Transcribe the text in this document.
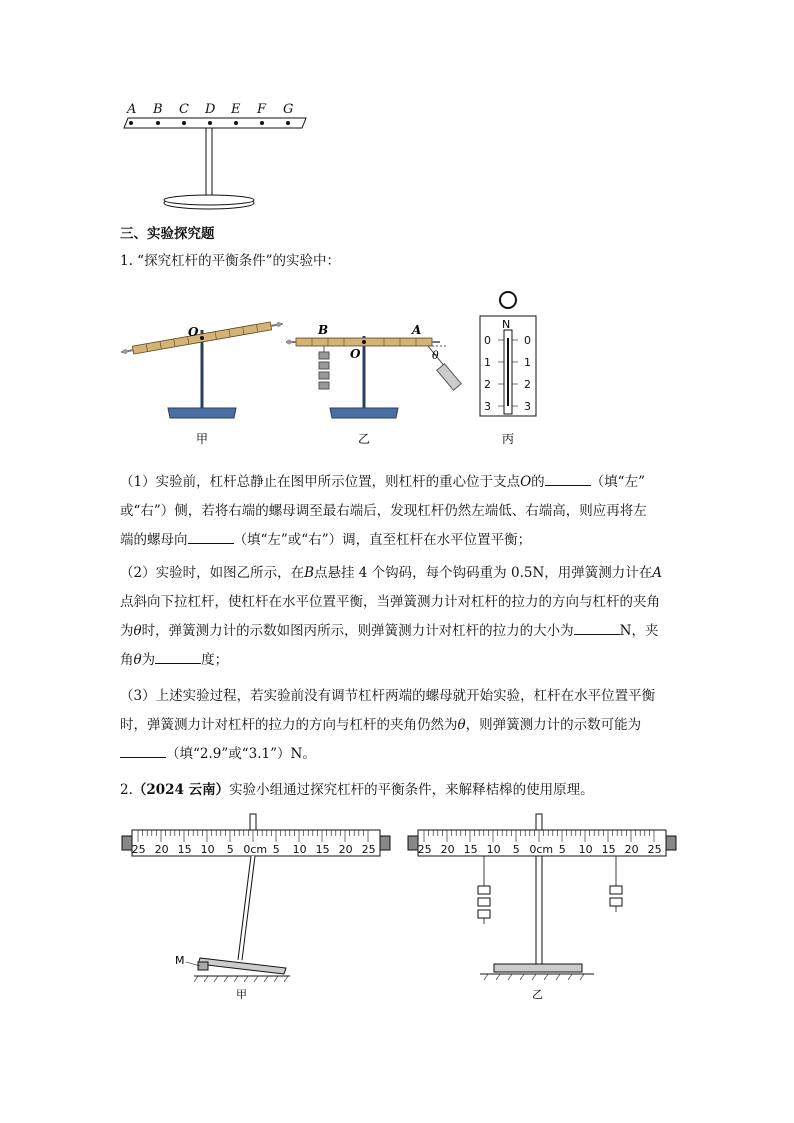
A B C D E F G
三、实验探究题
1. “探究杠杆的平衡条件”的实验中：
O
甲
B	A
O	θ
乙
N
0
1
2
3
0
1
2
3
丙
（1）实验前，杠杆总静止在图甲所示位置，则杠杆的重心位于支点O的	（填“左”
或“右”）侧，若将右端的螺母调至最右端后，发现杠杆仍然左端低、右端高，则应再将左
端的螺母向	（填“左”或“右”）调，直至杠杆在水平位置平衡；
（2）实验时，如图乙所示，在B点悬挂 4 个钩码，每个钩码重为 0.5N，用弹簧测力计在A
点斜向下拉杠杆，使杠杆在水平位置平衡，当弹簧测力计对杠杆的拉力的方向与杠杆的夹角
为θ时，弹簧测力计的示数如图丙所示，则弹簧测力计对杠杆的拉力的大小为	N，夹
角θ为	度；
（3）上述实验过程，若实验前没有调节杠杆两端的螺母就开始实验，杠杆在水平位置平衡
时，弹簧测力计对杠杆的拉力的方向与杠杆的夹角仍然为θ，则弹簧测力计的示数可能为
（填“2.9”或“3.1”）N。
2.（2024 云南）实验小组通过探究杠杆的平衡条件，来解释桔槔的使用原理。
M
甲	乙
25 20 15 10 5 0cm 5 10 15 20 25	25 20 15 10 5 0cm 5 10 15 20 25
